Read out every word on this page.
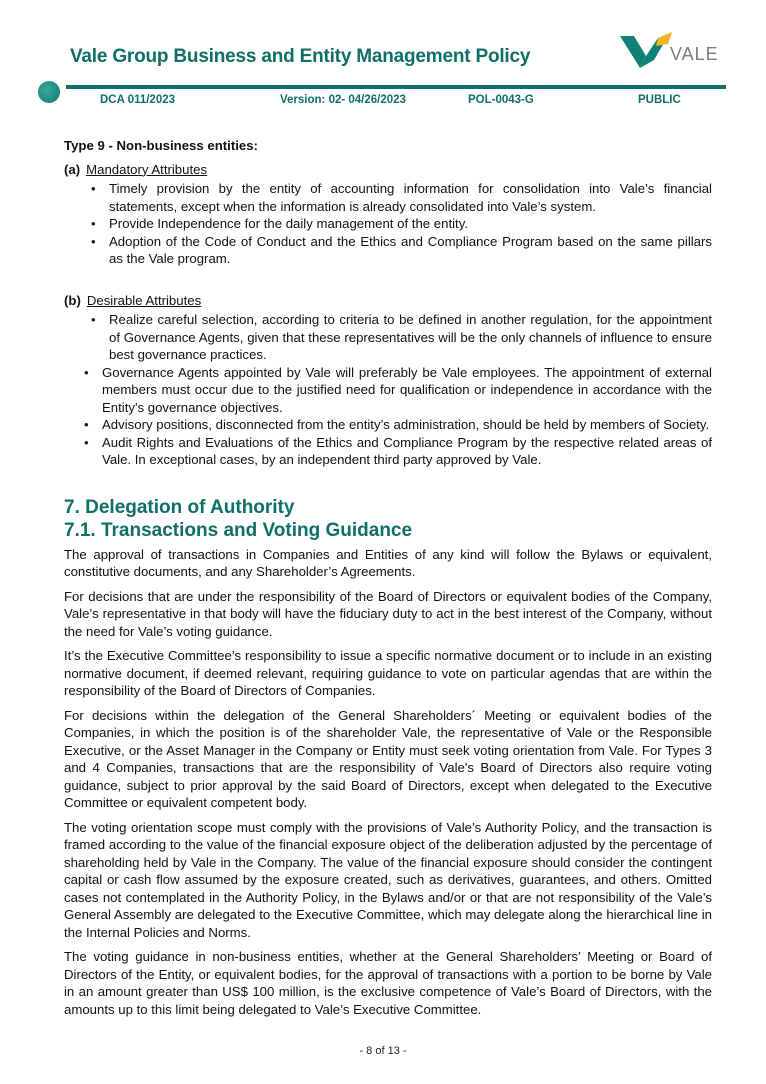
Vale Group Business and Entity Management Policy	VALE
DCA 011/2023	Version: 02- 04/26/2023	POL-0043-G	PUBLIC
Type 9 - Non-business entities:
(a) Mandatory Attributes
• Timely provision by the entity of accounting information for consolidation into Vale’s financial statements, except when the information is already consolidated into Vale’s system.
• Provide Independence for the daily management of the entity.
• Adoption of the Code of Conduct and the Ethics and Compliance Program based on the same pillars as the Vale program.
(b) Desirable Attributes
• Realize careful selection, according to criteria to be defined in another regulation, for the appointment of Governance Agents, given that these representatives will be the only channels of influence to ensure best governance practices.
• Governance Agents appointed by Vale will preferably be Vale employees. The appointment of external members must occur due to the justified need for qualification or independence in accordance with the Entity's governance objectives.
• Advisory positions, disconnected from the entity’s administration, should be held by members of Society.
• Audit Rights and Evaluations of the Ethics and Compliance Program by the respective related areas of Vale. In exceptional cases, by an independent third party approved by Vale.
7. Delegation of Authority
7.1. Transactions and Voting Guidance

The approval of transactions in Companies and Entities of any kind will follow the Bylaws or equivalent, constitutive documents, and any Shareholder’s Agreements.

For decisions that are under the responsibility of the Board of Directors or equivalent bodies of the Company, Vale’s representative in that body will have the fiduciary duty to act in the best interest of the Company, without the need for Vale’s voting guidance.

It’s the Executive Committee’s responsibility to issue a specific normative document or to include in an existing normative document, if deemed relevant, requiring guidance to vote on particular agendas that are within the responsibility of the Board of Directors of Companies.

For decisions within the delegation of the General Shareholders´ Meeting or equivalent bodies of the Companies, in which the position is of the shareholder Vale, the representative of Vale or the Responsible Executive, or the Asset Manager in the Company or Entity must seek voting orientation from Vale. For Types 3 and 4 Companies, transactions that are the responsibility of Vale's Board of Directors also require voting guidance, subject to prior approval by the said Board of Directors, except when delegated to the Executive Committee or equivalent competent body.

The voting orientation scope must comply with the provisions of Vale’s Authority Policy, and the transaction is framed according to the value of the financial exposure object of the deliberation adjusted by the percentage of shareholding held by Vale in the Company. The value of the financial exposure should consider the contingent capital or cash flow assumed by the exposure created, such as derivatives, guarantees, and others. Omitted cases not contemplated in the Authority Policy, in the Bylaws and/or or that are not responsibility of the Vale’s General Assembly are delegated to the Executive Committee, which may delegate along the hierarchical line in the Internal Policies and Norms.

The voting guidance in non-business entities, whether at the General Shareholders’ Meeting or Board of Directors of the Entity, or equivalent bodies, for the approval of transactions with a portion to be borne by Vale in an amount greater than US$ 100 million, is the exclusive competence of Vale’s Board of Directors, with the amounts up to this limit being delegated to Vale’s Executive Committee.

- 8 of 13 -
